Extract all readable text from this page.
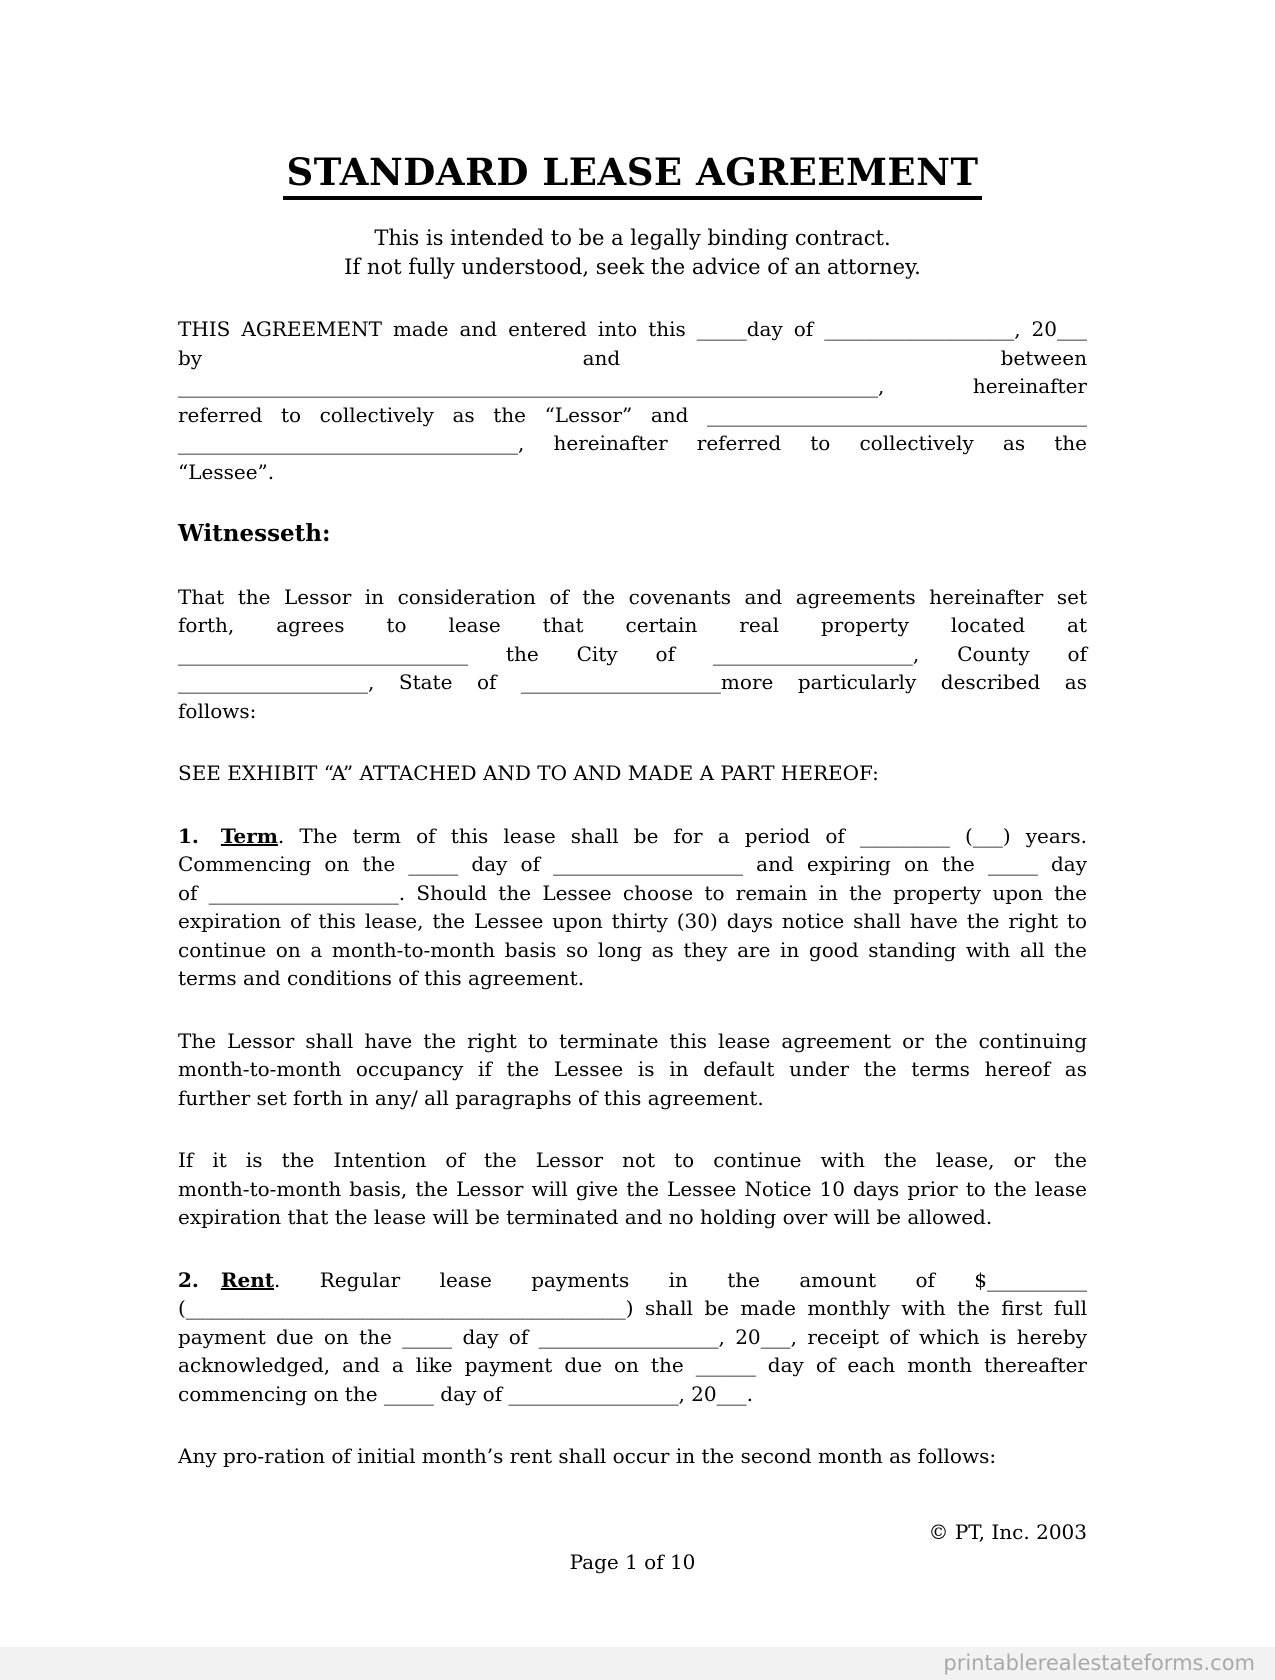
STANDARD LEASE AGREEMENT
This is intended to be a legally binding contract.
If not fully understood, seek the advice of an attorney.
THIS AGREEMENT made and entered into this _____day of ___________________, 20___
by	and	between
______________________________________________________________________, hereinafter
referred to collectively as the “Lessor” and ______________________________________
__________________________________, hereinafter referred to collectively as the
“Lessee”.
Witnesseth:
That the Lessor in consideration of the covenants and agreements hereinafter set
forth, agrees to lease that certain real property located at
_____________________________ the City of ____________________, County of
___________________, State of ____________________more particularly described as
follows:
SEE EXHIBIT “A” ATTACHED AND TO AND MADE A PART HEREOF:
1. Term. The term of this lease shall be for a period of _________ (___) years.
Commencing on the _____ day of ___________________ and expiring on the _____ day
of ___________________. Should the Lessee choose to remain in the property upon the
expiration of this lease, the Lessee upon thirty (30) days notice shall have the right to
continue on a month-to-month basis so long as they are in good standing with all the
terms and conditions of this agreement.
The Lessor shall have the right to terminate this lease agreement or the continuing
month-to-month occupancy if the Lessee is in default under the terms hereof as
further set forth in any/ all paragraphs of this agreement.
If it is the Intention of the Lessor not to continue with the lease, or the
month-to-month basis, the Lessor will give the Lessee Notice 10 days prior to the lease
expiration that the lease will be terminated and no holding over will be allowed.
2. Rent. Regular lease payments in the amount of $__________
(____________________________________________) shall be made monthly with the first full
payment due on the _____ day of __________________, 20___, receipt of which is hereby
acknowledged, and a like payment due on the ______ day of each month thereafter
commencing on the _____ day of _________________, 20___.
Any pro-ration of initial month’s rent shall occur in the second month as follows:
© PT, Inc. 2003
Page 1 of 10
printablerealestateforms.com
